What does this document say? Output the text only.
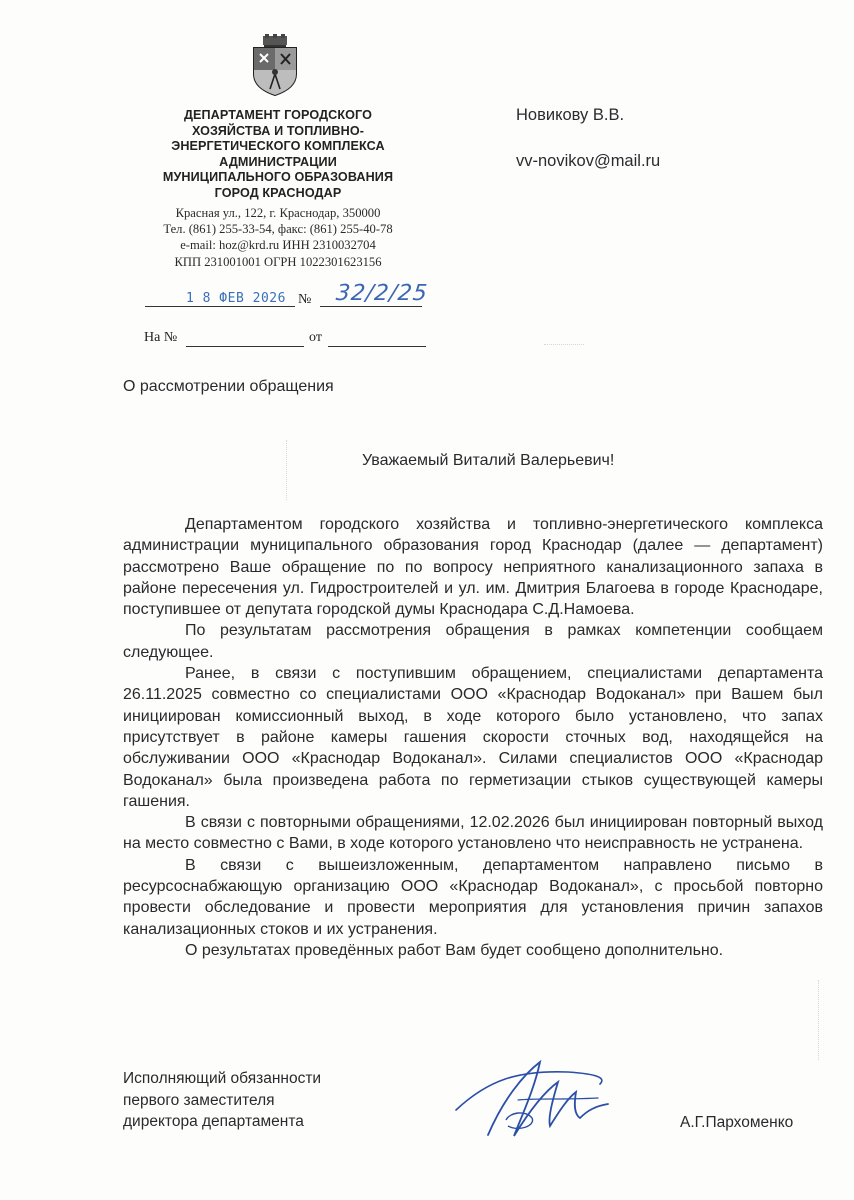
ДЕПАРТАМЕНТ ГОРОДСКОГО
ХОЗЯЙСТВА И ТОПЛИВНО-
ЭНЕРГЕТИЧЕСКОГО КОМПЛЕКСА
АДМИНИСТРАЦИИ
МУНИЦИПАЛЬНОГО ОБРАЗОВАНИЯ
ГОРОД КРАСНОДАР
Красная ул., 122, г. Краснодар, 350000
Тел. (861) 255-33-54, факс: (861) 255-40-78
e-mail: hoz@krd.ru ИНН 2310032704
КПП 231001001 ОГРН 1022301623156
Новикову В.В.
vv-novikov@mail.ru
1 8 ФЕВ 2026 № 32/2/25
На №	от
О рассмотрении обращения
Уважаемый Виталий Валерьевич!

Департаментом городского хозяйства и топливно-энергетического комплекса администрации муниципального образования город Краснодар (далее — департамент) рассмотрено Ваше обращение по по вопросу неприятного канализационного запаха в районе пересечения ул. Гидростроителей и ул. им. Дмитрия Благоева в городе Краснодаре, поступившее от депутата городской думы Краснодара С.Д.Намоева.

По результатам рассмотрения обращения в рамках компетенции сообщаем следующее.

Ранее, в связи с поступившим обращением, специалистами департамента 26.11.2025 совместно со специалистами ООО «Краснодар Водоканал» при Вашем был инициирован комиссионный выход, в ходе которого было установлено, что запах присутствует в районе камеры гашения скорости сточных вод, находящейся на обслуживании ООО «Краснодар Водоканал». Силами специалистов ООО «Краснодар Водоканал» была произведена работа по герметизации стыков существующей камеры гашения.

В связи с повторными обращениями, 12.02.2026 был инициирован повторный выход на место совместно с Вами, в ходе которого установлено что неисправность не устранена.

В связи с вышеизложенным, департаментом направлено письмо в ресурсоснабжающую организацию ООО «Краснодар Водоканал», с просьбой повторно провести обследование и провести мероприятия для установления причин запахов канализационных стоков и их устранения.

О результатах проведённых работ Вам будет сообщено дополнительно.

Исполняющий обязанности
первого заместителя
директора департамента	А.Г.Пархоменко
